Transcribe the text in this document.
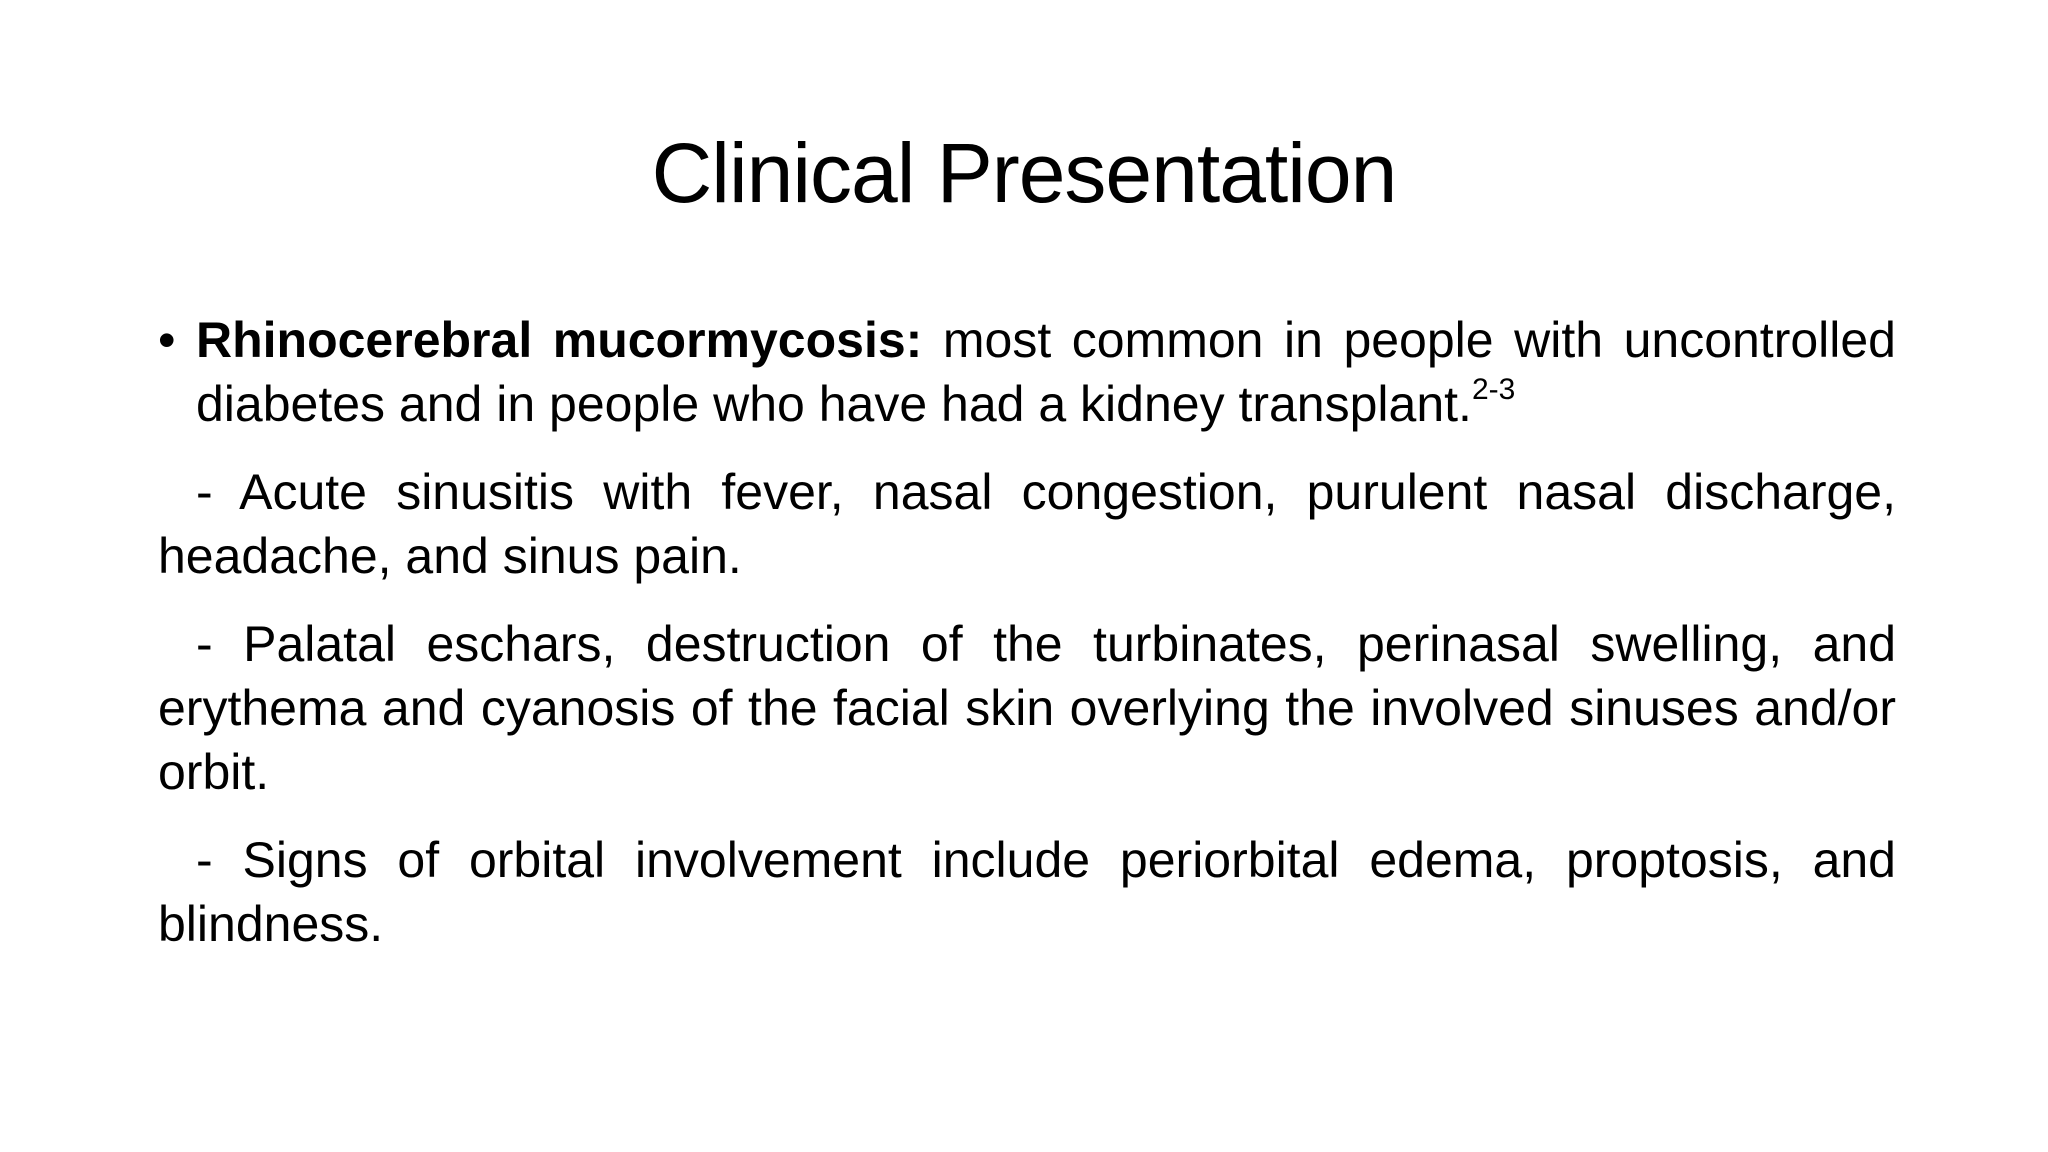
Clinical Presentation
• Rhinocerebral mucormycosis: most common in people with uncontrolled diabetes and in people who have had a kidney transplant.$^{2-3}$
- Acute sinusitis with fever, nasal congestion, purulent nasal discharge, headache, and sinus pain.
- Palatal eschars, destruction of the turbinates, perinasal swelling, and erythema and cyanosis of the facial skin overlying the involved sinuses and/or orbit.
- Signs of orbital involvement include periorbital edema, proptosis, and blindness.
